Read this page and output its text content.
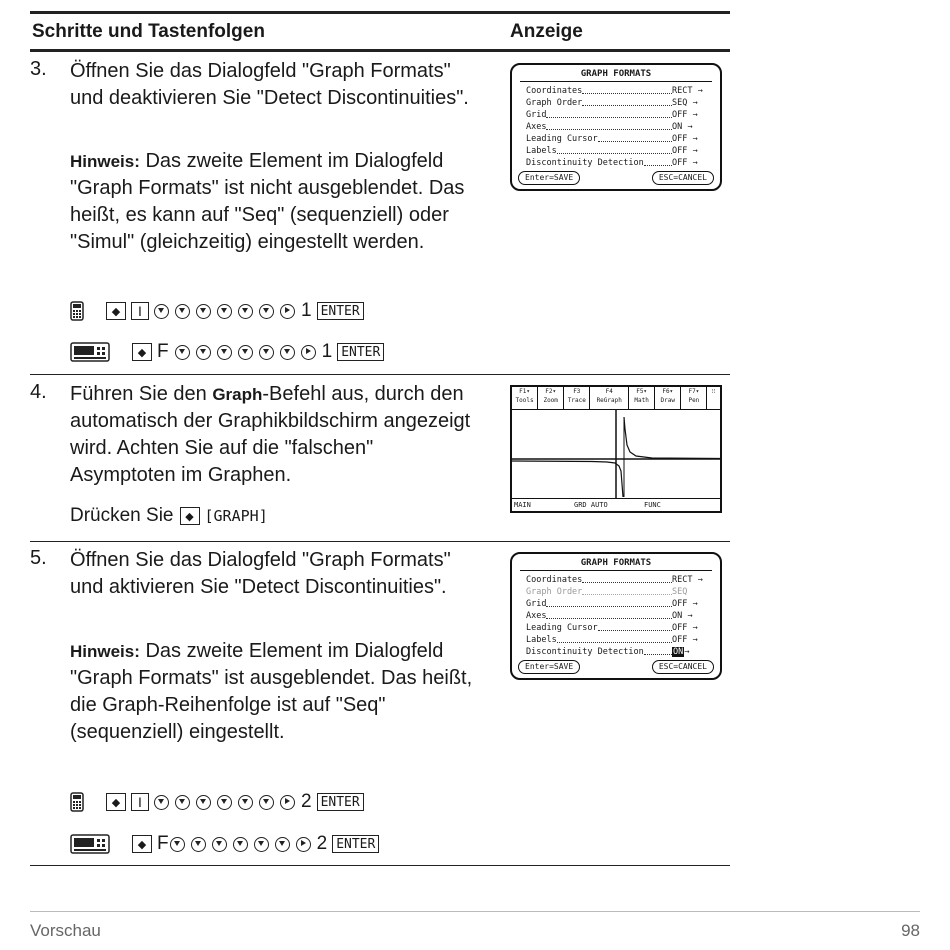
Schritte und Tastenfolgen	Anzeige
3. Öffnen Sie das Dialogfeld "Graph Formats" und deaktivieren Sie "Detect Discontinuities".

Hinweis: Das zweite Element im Dialogfeld "Graph Formats" ist nicht ausgeblendet. Das heißt, es kann auf "Seq" (sequenziell) oder "Simul" (gleichzeitig) eingestellt werden.

◆	I	1 ENTER
◆ F	1 ENTER
GRAPH FORMATS
Coordinates	RECT →
Graph Order	SEQ →
Grid	OFF →
Axes	ON →
Leading Cursor	OFF →
Labels	OFF →
Discontinuity Detection	OFF →
Enter=SAVE	ESC=CANCEL
4. Führen Sie den Graph-Befehl aus, durch den automatisch der Graphikbildschirm angezeigt wird. Achten Sie auf die "falschen" Asymptoten im Graphen.

Drücken Sie	◆ [GRAPH]
F1▾
Tools
F2▾
Zoom
F3
Trace
F4
ReGraph
F5▾
Math
F6▾
Draw
F7▾
Pen
⁝⁝
MAIN	GRD AUTO	FUNC
5. Öffnen Sie das Dialogfeld "Graph Formats" und aktivieren Sie "Detect Discontinuities".

Hinweis: Das zweite Element im Dialogfeld "Graph Formats" ist ausgeblendet. Das heißt, die Graph-Reihenfolge ist auf "Seq" (sequenziell) eingestellt.

◆	I	2 ENTER
◆ F	2 ENTER
GRAPH FORMATS
Coordinates	RECT →
Graph Order	SEQ
Grid	OFF →
Axes	ON →
Leading Cursor	OFF →
Labels	OFF →
Discontinuity Detection	ON→
Enter=SAVE	ESC=CANCEL
Vorschau	98
